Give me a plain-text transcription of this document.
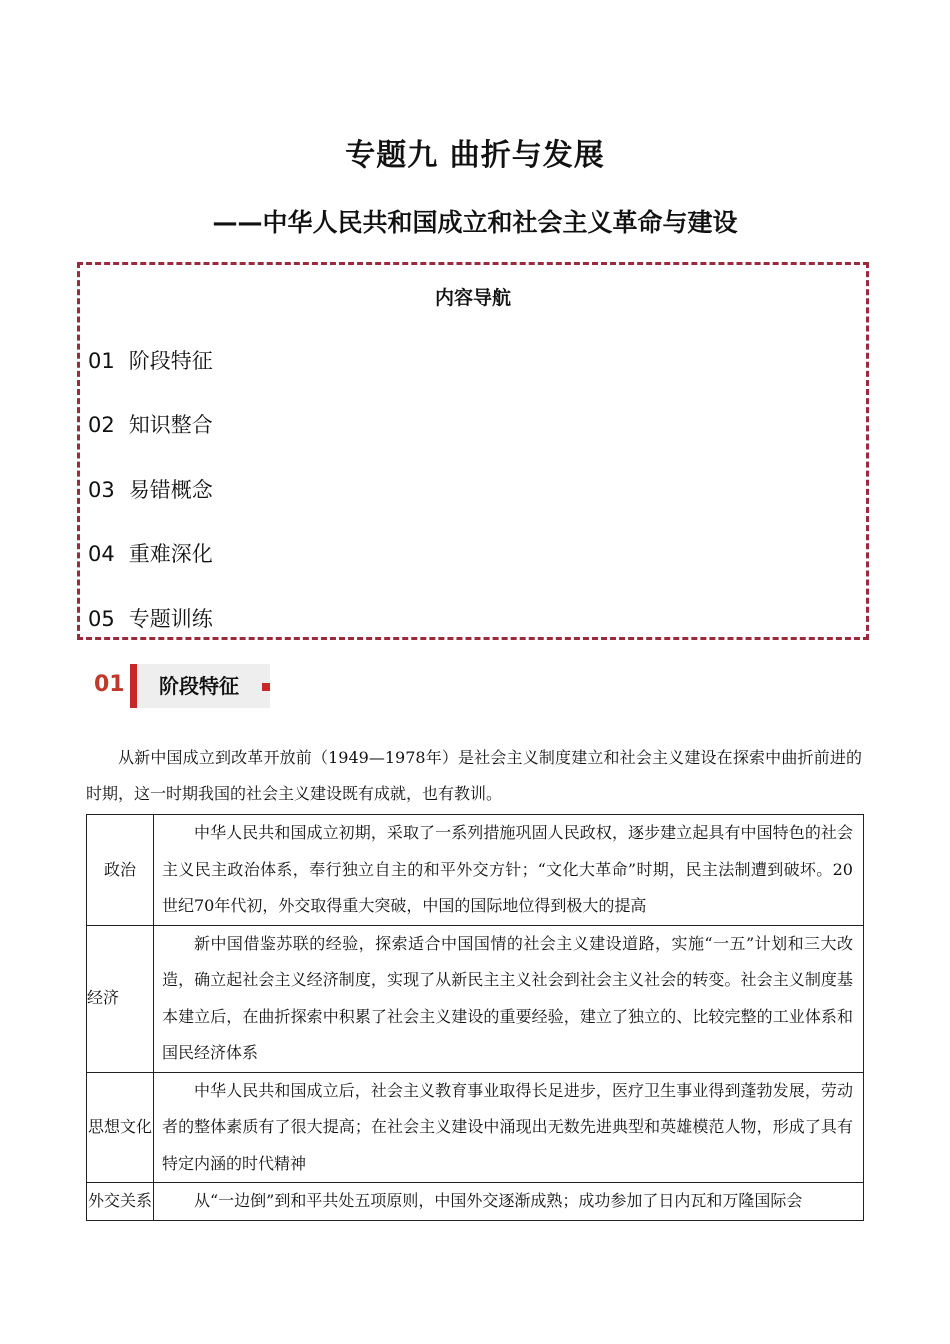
专题九 曲折与发展
——中华人民共和国成立和社会主义革命与建设
内容导航
01 阶段特征
02 知识整合
03 易错概念
04 重难深化
05 专题训练
01	阶段特征
从新中国成立到改革开放前（1949—1978年）是社会主义制度建立和社会主义建设在探索中曲折前进的时期，这一时期我国的社会主义建设既有成就，也有教训。
政治	中华人民共和国成立初期，采取了一系列措施巩固人民政权，逐步建立起具有中国特色的社会主义民主政治体系，奉行独立自主的和平外交方针；“文化大革命”时期，民主法制遭到破坏。20世纪70年代初，外交取得重大突破，中国的国际地位得到极大的提高
经济	新中国借鉴苏联的经验，探索适合中国国情的社会主义建设道路，实施“一五”计划和三大改造，确立起社会主义经济制度，实现了从新民主主义社会到社会主义社会的转变。社会主义制度基本建立后，在曲折探索中积累了社会主义建设的重要经验，建立了独立的、比较完整的工业体系和国民经济体系
思想文化	中华人民共和国成立后，社会主义教育事业取得长足进步，医疗卫生事业得到蓬勃发展，劳动者的整体素质有了很大提高；在社会主义建设中涌现出无数先进典型和英雄模范人物，形成了具有特定内涵的时代精神
外交关系	从“一边倒”到和平共处五项原则，中国外交逐渐成熟；成功参加了日内瓦和万隆国际会
